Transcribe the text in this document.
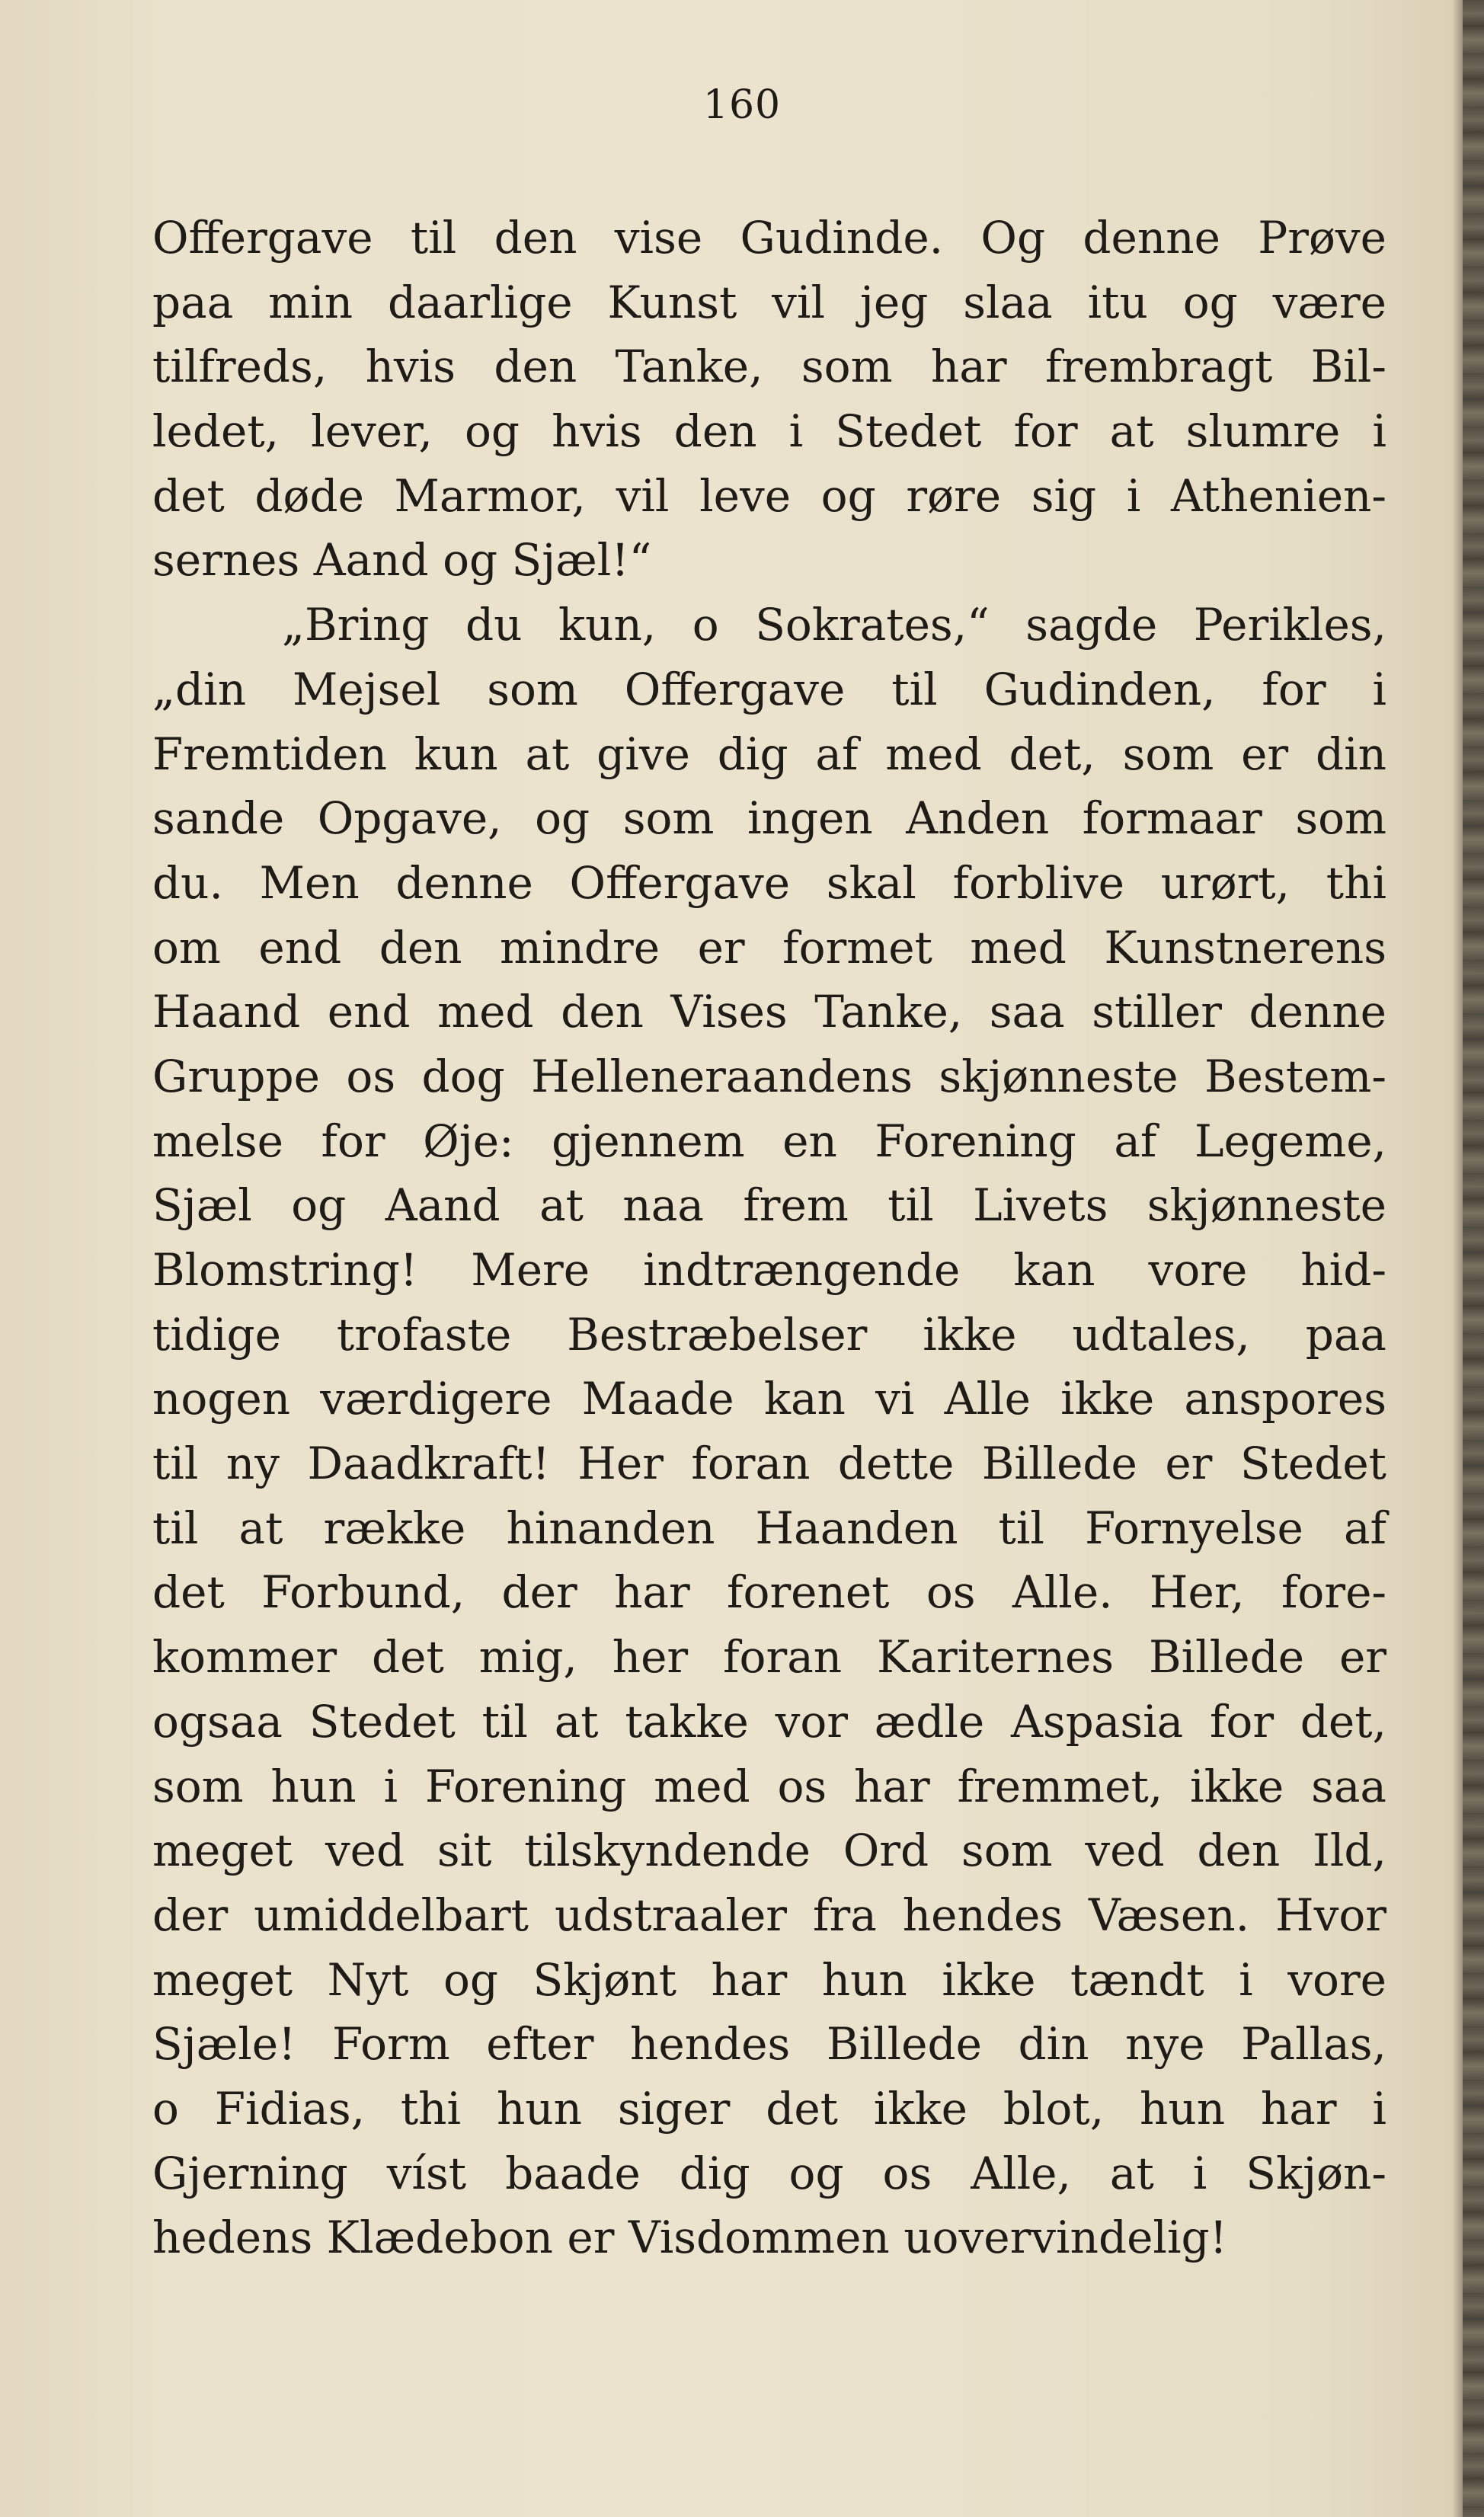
160
Offergave til den vise Gudinde. Og denne Prøve
paa min daarlige Kunst vil jeg slaa itu og være
tilfreds, hvis den Tanke, som har frembragt Bil-
ledet, lever, og hvis den i Stedet for at slumre i
det døde Marmor, vil leve og røre sig i Athenien-
sernes Aand og Sjæl!“
„Bring du kun, o Sokrates,“ sagde Perikles,
„din Mejsel som Offergave til Gudinden, for i
Fremtiden kun at give dig af med det, som er din
sande Opgave, og som ingen Anden formaar som
du. Men denne Offergave skal forblive urørt, thi
om end den mindre er formet med Kunstnerens
Haand end med den Vises Tanke, saa stiller denne
Gruppe os dog Helleneraandens skjønneste Bestem-
melse for Øje: gjennem en Forening af Legeme,
Sjæl og Aand at naa frem til Livets skjønneste
Blomstring! Mere indtrængende kan vore hid-
tidige trofaste Bestræbelser ikke udtales, paa
nogen værdigere Maade kan vi Alle ikke anspores
til ny Daadkraft! Her foran dette Billede er Stedet
til at række hinanden Haanden til Fornyelse af
det Forbund, der har forenet os Alle. Her, fore-
kommer det mig, her foran Kariternes Billede er
ogsaa Stedet til at takke vor ædle Aspasia for det,
som hun i Forening med os har fremmet, ikke saa
meget ved sit tilskyndende Ord som ved den Ild,
der umiddelbart udstraaler fra hendes Væsen. Hvor
meget Nyt og Skjønt har hun ikke tændt i vore
Sjæle! Form efter hendes Billede din nye Pallas,
o Fidias, thi hun siger det ikke blot, hun har i
Gjerning víst baade dig og os Alle, at i Skjøn-
hedens Klædebon er Visdommen uovervindelig!
